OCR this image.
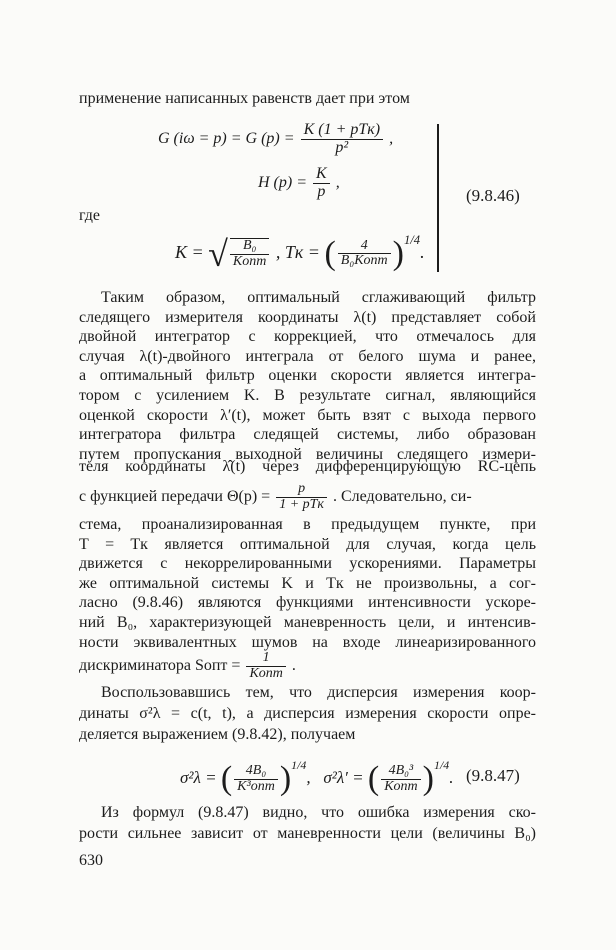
применение написанных равенств дает при этом
G (iω = p) = G $(p) = \frac{\text{K (1 + pTк)}}{\text{p²}}$ ,
H $(p) = \frac{K}{p}$ ,
где
K = √ $\frac{\text{B₀}}{\text{Kопт}}$ , Tк = ( $\frac{4}{\text{B₀Kопт}} )^{1/4}$.
(9.8.46)
Таким образом, оптимальный сглаживающий фильтр
следящего измерителя координаты λ(t) представляет собой
двойной интегратор с коррекцией, что отмечалось для
случая λ(t)-двойного интеграла от белого шума и ранее,
а оптимальный фильтр оценки скорости является интегра-
тором с усилением K. В результате сигнал, являющийся
оценкой скорости λ′(t), может быть взят с выхода первого
интегратора фильтра следящей системы, либо образован
путем пропускания выходной величины следящего измери-
теля координаты λ̂(t) через дифференцирующую RC-цепь
с функцией передачи $\Theta(p) = \frac{p}{\text{1 + pTк}}$ . Следовательно, си-
стема, проанализированная в предыдущем пункте, при
T = Tк является оптимальной для случая, когда цель
движется с некоррелированными ускорениями. Параметры
же оптимальной системы K и Tк не произвольны, а сог-
ласно (9.8.46) являются функциями интенсивности ускоре-
ний B₀, характеризующей маневренность цели, и интенсив-
ности эквивалентных шумов на входе линеаризированного
дискриминатора Sопт = $\frac{1}{\text{Kопт}}$ .
Воспользовавшись тем, что дисперсия измерения коор-
динаты σ²λ = c(t, t), а дисперсия измерения скорости опре-
деляется выражением (9.8.42), получаем
σ²λ = ( $\frac{\text{4B₀}}{\text{K³опт}} )^{1/4}$, σ²λ′ = ( $\frac{\text{4B₀³}}{\text{Kопт}} )^{1/4}$. (9.8.47)
Из формул (9.8.47) видно, что ошибка измерения ско-
рости сильнее зависит от маневренности цели (величины B₀)
630
